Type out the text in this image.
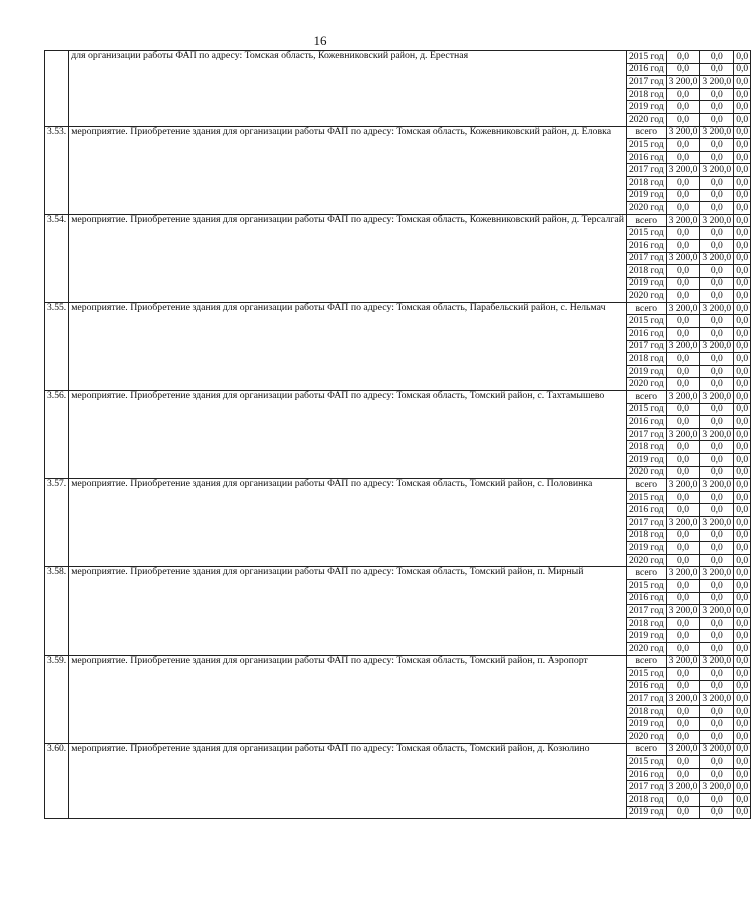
16
	для организации работы ФАП по адресу: Томская область, Кожевниковский район, д. Ерестная	2015 год	0,0	0,0	0,0
		2016 год	0,0	0,0	0,0
		2017 год	3 200,0	3 200,0	0,0
		2018 год	0,0	0,0	0,0
		2019 год	0,0	0,0	0,0
		2020 год	0,0	0,0	0,0
3.53.	мероприятие. Приобретение здания для организации работы ФАП по адресу: Томская область, Кожевниковский район, д. Еловка	всего	3 200,0	3 200,0	0,0
		2015 год	0,0	0,0	0,0
		2016 год	0,0	0,0	0,0
		2017 год	3 200,0	3 200,0	0,0
		2018 год	0,0	0,0	0,0
		2019 год	0,0	0,0	0,0
		2020 год	0,0	0,0	0,0
3.54.	мероприятие. Приобретение здания для организации работы ФАП по адресу: Томская область, Кожевниковский район, д. Терсалгай	всего	3 200,0	3 200,0	0,0
		2015 год	0,0	0,0	0,0
		2016 год	0,0	0,0	0,0
		2017 год	3 200,0	3 200,0	0,0
		2018 год	0,0	0,0	0,0
		2019 год	0,0	0,0	0,0
		2020 год	0,0	0,0	0,0
3.55.	мероприятие. Приобретение здания для организации работы ФАП по адресу: Томская область, Парабельский район, с. Нельмач	всего	3 200,0	3 200,0	0,0
		2015 год	0,0	0,0	0,0
		2016 год	0,0	0,0	0,0
		2017 год	3 200,0	3 200,0	0,0
		2018 год	0,0	0,0	0,0
		2019 год	0,0	0,0	0,0
		2020 год	0,0	0,0	0,0
3.56.	мероприятие. Приобретение здания для организации работы ФАП по адресу: Томская область, Томский район, с. Тахтамышево	всего	3 200,0	3 200,0	0,0
		2015 год	0,0	0,0	0,0
		2016 год	0,0	0,0	0,0
		2017 год	3 200,0	3 200,0	0,0
		2018 год	0,0	0,0	0,0
		2019 год	0,0	0,0	0,0
		2020 год	0,0	0,0	0,0
3.57.	мероприятие. Приобретение здания для организации работы ФАП по адресу: Томская область, Томский район, с. Половинка	всего	3 200,0	3 200,0	0,0
		2015 год	0,0	0,0	0,0
		2016 год	0,0	0,0	0,0
		2017 год	3 200,0	3 200,0	0,0
		2018 год	0,0	0,0	0,0
		2019 год	0,0	0,0	0,0
		2020 год	0,0	0,0	0,0
3.58.	мероприятие. Приобретение здания для организации работы ФАП по адресу: Томская область, Томский район, п. Мирный	всего	3 200,0	3 200,0	0,0
		2015 год	0,0	0,0	0,0
		2016 год	0,0	0,0	0,0
		2017 год	3 200,0	3 200,0	0,0
		2018 год	0,0	0,0	0,0
		2019 год	0,0	0,0	0,0
		2020 год	0,0	0,0	0,0
3.59.	мероприятие. Приобретение здания для организации работы ФАП по адресу: Томская область, Томский район, п. Аэропорт	всего	3 200,0	3 200,0	0,0
		2015 год	0,0	0,0	0,0
		2016 год	0,0	0,0	0,0
		2017 год	3 200,0	3 200,0	0,0
		2018 год	0,0	0,0	0,0
		2019 год	0,0	0,0	0,0
		2020 год	0,0	0,0	0,0
3.60.	мероприятие. Приобретение здания для организации работы ФАП по адресу: Томская область, Томский район, д. Козюлино	всего	3 200,0	3 200,0	0,0
		2015 год	0,0	0,0	0,0
		2016 год	0,0	0,0	0,0
		2017 год	3 200,0	3 200,0	0,0
		2018 год	0,0	0,0	0,0
		2019 год	0,0	0,0	0,0
